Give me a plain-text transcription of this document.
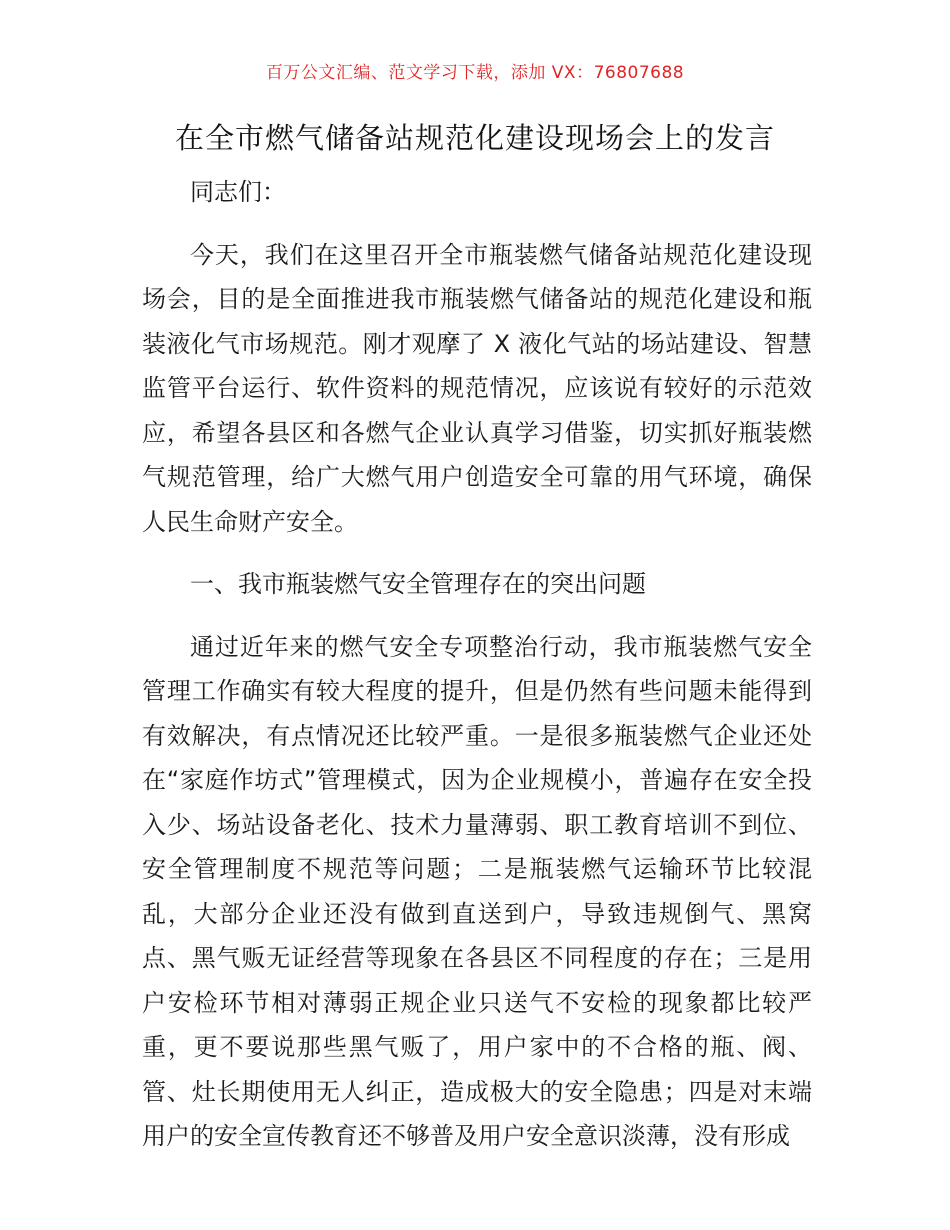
百万公文汇编、范文学习下载，添加 VX：76807688
在全市燃气储备站规范化建设现场会上的发言

同志们：

今天，我们在这里召开全市瓶装燃气储备站规范化建设现场会，目的是全面推进我市瓶装燃气储备站的规范化建设和瓶装液化气市场规范。刚才观摩了 X 液化气站的场站建设、智慧监管平台运行、软件资料的规范情况，应该说有较好的示范效应，希望各县区和各燃气企业认真学习借鉴，切实抓好瓶装燃气规范管理，给广大燃气用户创造安全可靠的用气环境，确保人民生命财产安全。

一、我市瓶装燃气安全管理存在的突出问题

通过近年来的燃气安全专项整治行动，我市瓶装燃气安全管理工作确实有较大程度的提升，但是仍然有些问题未能得到有效解决，有点情况还比较严重。一是很多瓶装燃气企业还处在“家庭作坊式”管理模式，因为企业规模小，普遍存在安全投入少、场站设备老化、技术力量薄弱、职工教育培训不到位、安全管理制度不规范等问题；二是瓶装燃气运输环节比较混乱，大部分企业还没有做到直送到户，导致违规倒气、黑窝点、黑气贩无证经营等现象在各县区不同程度的存在；三是用户安检环节相对薄弱正规企业只送气不安检的现象都比较严重，更不要说那些黑气贩了，用户家中的不合格的瓶、阀、管、灶长期使用无人纠正，造成极大的安全隐患；四是对末端用户的安全宣传教育还不够普及用户安全意识淡薄，没有形成
